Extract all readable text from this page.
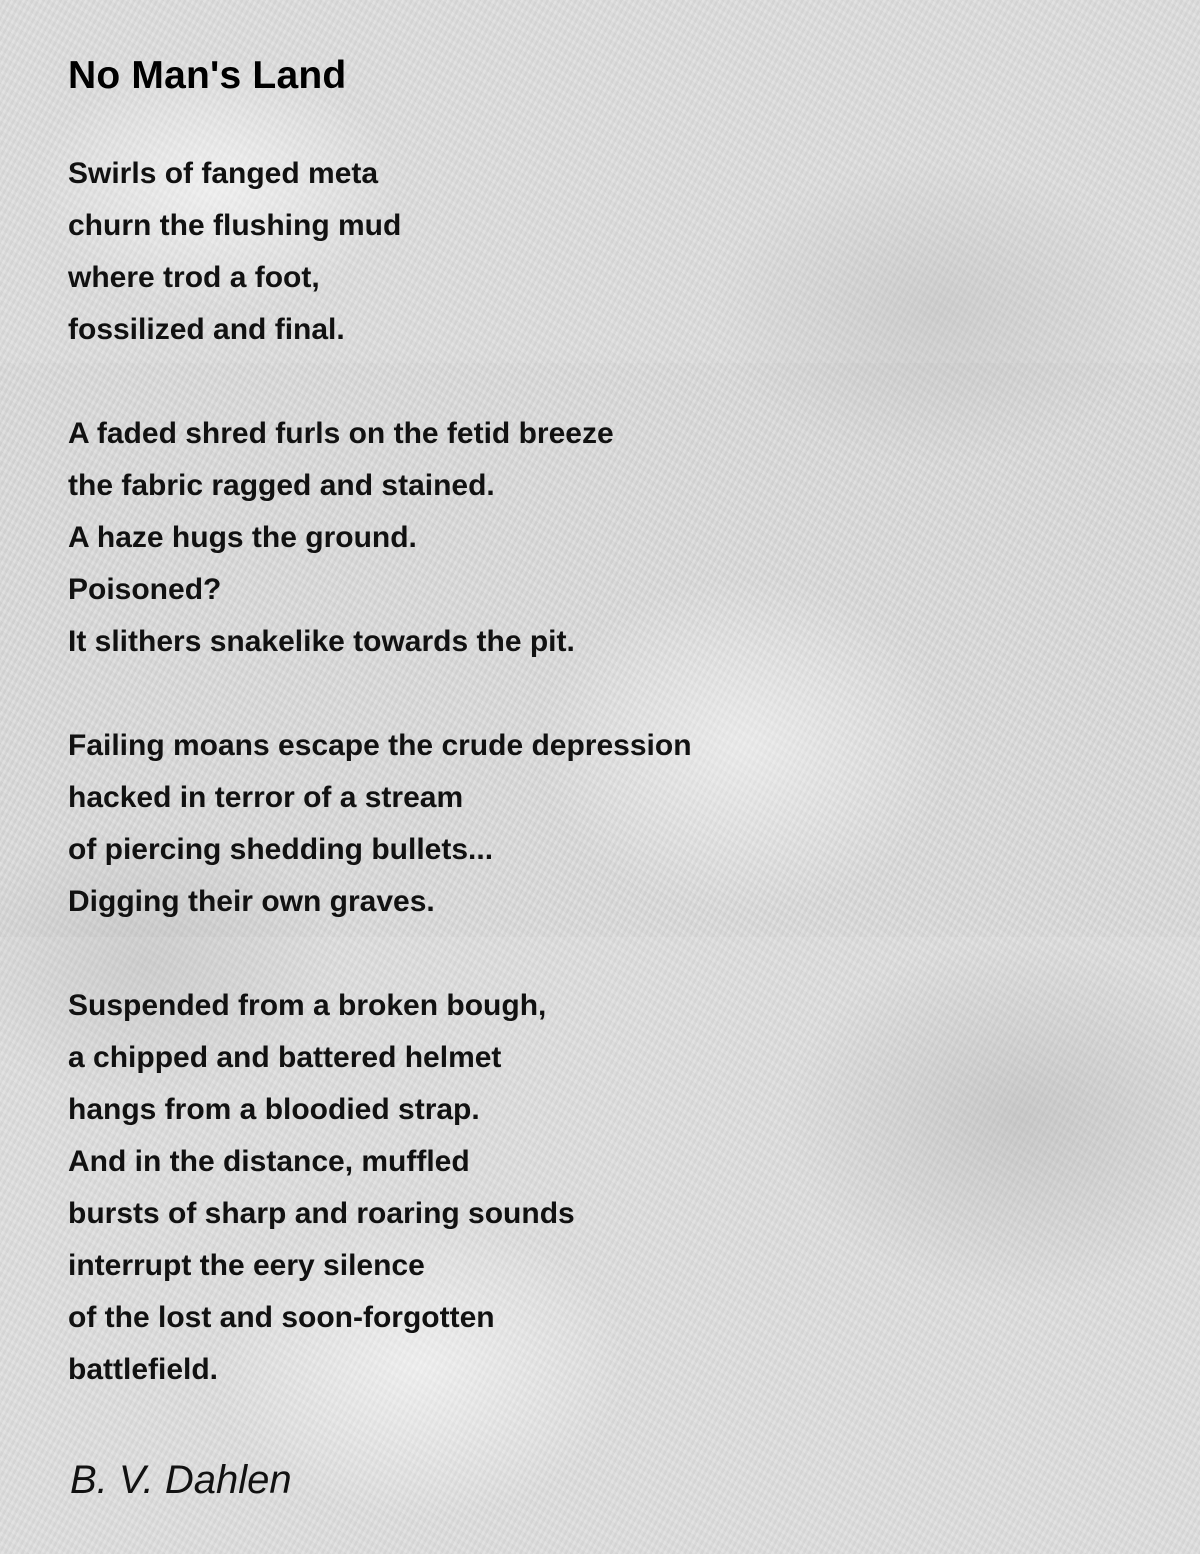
No Man's Land
Swirls of fanged meta
churn the flushing mud
where trod a foot,
fossilized and final.
A faded shred furls on the fetid breeze
the fabric ragged and stained.
A haze hugs the ground.
Poisoned?
It slithers snakelike towards the pit.
Failing moans escape the crude depression
hacked in terror of a stream
of piercing shedding bullets...
Digging their own graves.
Suspended from a broken bough,
a chipped and battered helmet
hangs from a bloodied strap.
And in the distance, muffled
bursts of sharp and roaring sounds
interrupt the eery silence
of the lost and soon-forgotten
battlefield.
B. V. Dahlen
